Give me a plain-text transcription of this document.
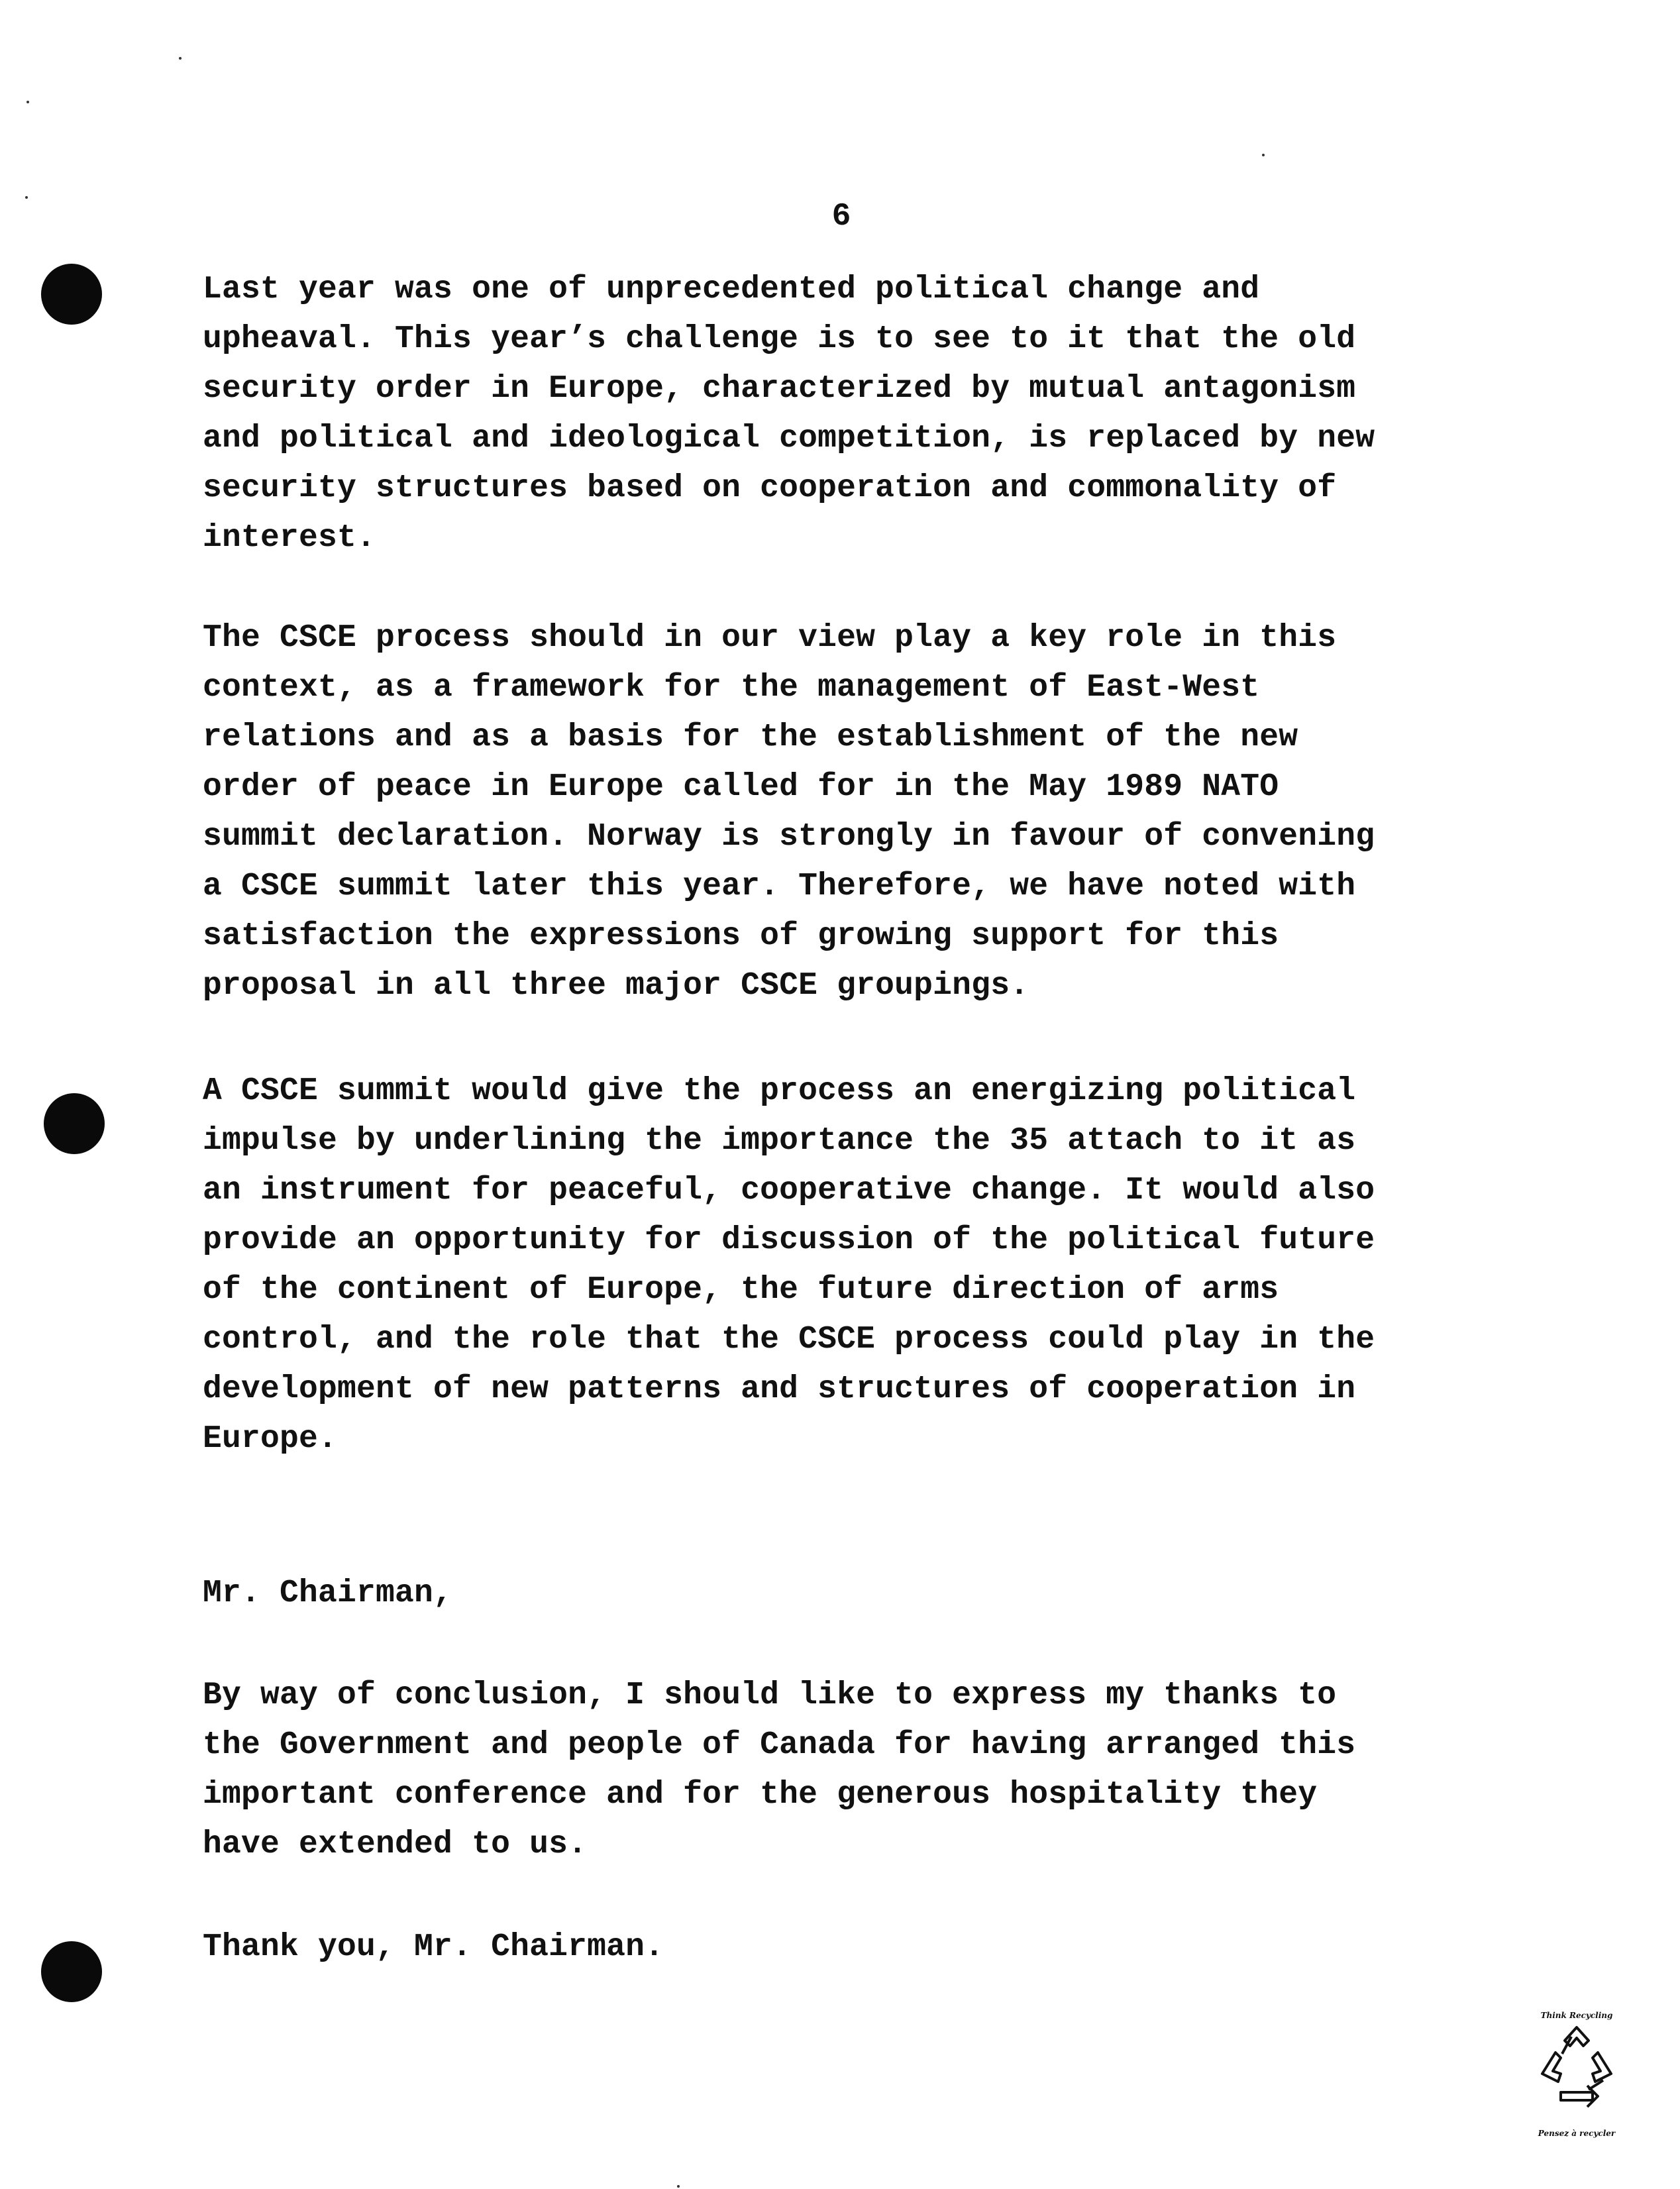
6

Last year was one of unprecedented political change and
upheaval. This year’s challenge is to see to it that the old
security order in Europe, characterized by mutual antagonism
and political and ideological competition, is replaced by new
security structures based on cooperation and commonality of
interest.

The CSCE process should in our view play a key role in this
context, as a framework for the management of East-West
relations and as a basis for the establishment of the new
order of peace in Europe called for in the May 1989 NATO
summit declaration. Norway is strongly in favour of convening
a CSCE summit later this year. Therefore, we have noted with
satisfaction the expressions of growing support for this
proposal in all three major CSCE groupings.

A CSCE summit would give the process an energizing political
impulse by underlining the importance the 35 attach to it as
an instrument for peaceful, cooperative change. It would also
provide an opportunity for discussion of the political future
of the continent of Europe, the future direction of arms
control, and the role that the CSCE process could play in the
development of new patterns and structures of cooperation in
Europe.

Mr. Chairman,

By way of conclusion, I should like to express my thanks to
the Government and people of Canada for having arranged this
important conference and for the generous hospitality they
have extended to us.

Thank you, Mr. Chairman.

Think Recycling
Pensez à recycler
